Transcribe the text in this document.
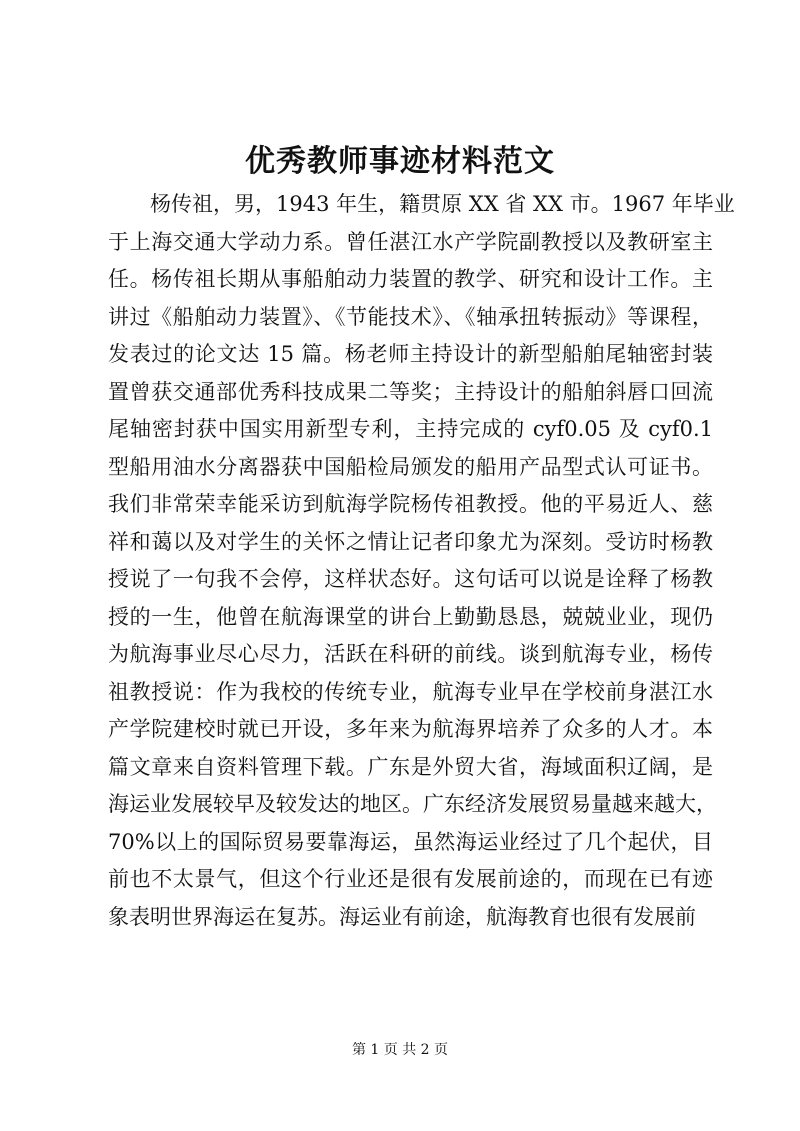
优秀教师事迹材料范文
杨传祖，男，1943 年生，籍贯原 XX 省 XX 市。1967 年毕业
于上海交通大学动力系。曾任湛江水产学院副教授以及教研室主
任。杨传祖长期从事船舶动力装置的教学、研究和设计工作。主
讲过《船舶动力装置》、《节能技术》、《轴承扭转振动》等课程，
发表过的论文达 15 篇。杨老师主持设计的新型船舶尾轴密封装
置曾获交通部优秀科技成果二等奖；主持设计的船舶斜唇口回流
尾轴密封获中国实用新型专利，主持完成的 cyf0.05 及 cyf0.1
型船用油水分离器获中国船检局颁发的船用产品型式认可证书。
我们非常荣幸能采访到航海学院杨传祖教授。他的平易近人、慈
祥和蔼以及对学生的关怀之情让记者印象尤为深刻。受访时杨教
授说了一句我不会停，这样状态好。这句话可以说是诠释了杨教
授的一生，他曾在航海课堂的讲台上勤勤恳恳，兢兢业业，现仍
为航海事业尽心尽力，活跃在科研的前线。谈到航海专业，杨传
祖教授说：作为我校的传统专业，航海专业早在学校前身湛江水
产学院建校时就已开设，多年来为航海界培养了众多的人才。本
篇文章来自资料管理下载。广东是外贸大省，海域面积辽阔，是
海运业发展较早及较发达的地区。广东经济发展贸易量越来越大，
70%以上的国际贸易要靠海运，虽然海运业经过了几个起伏，目
前也不太景气，但这个行业还是很有发展前途的，而现在已有迹
象表明世界海运在复苏。海运业有前途，航海教育也很有发展前
第 1 页 共 2 页
